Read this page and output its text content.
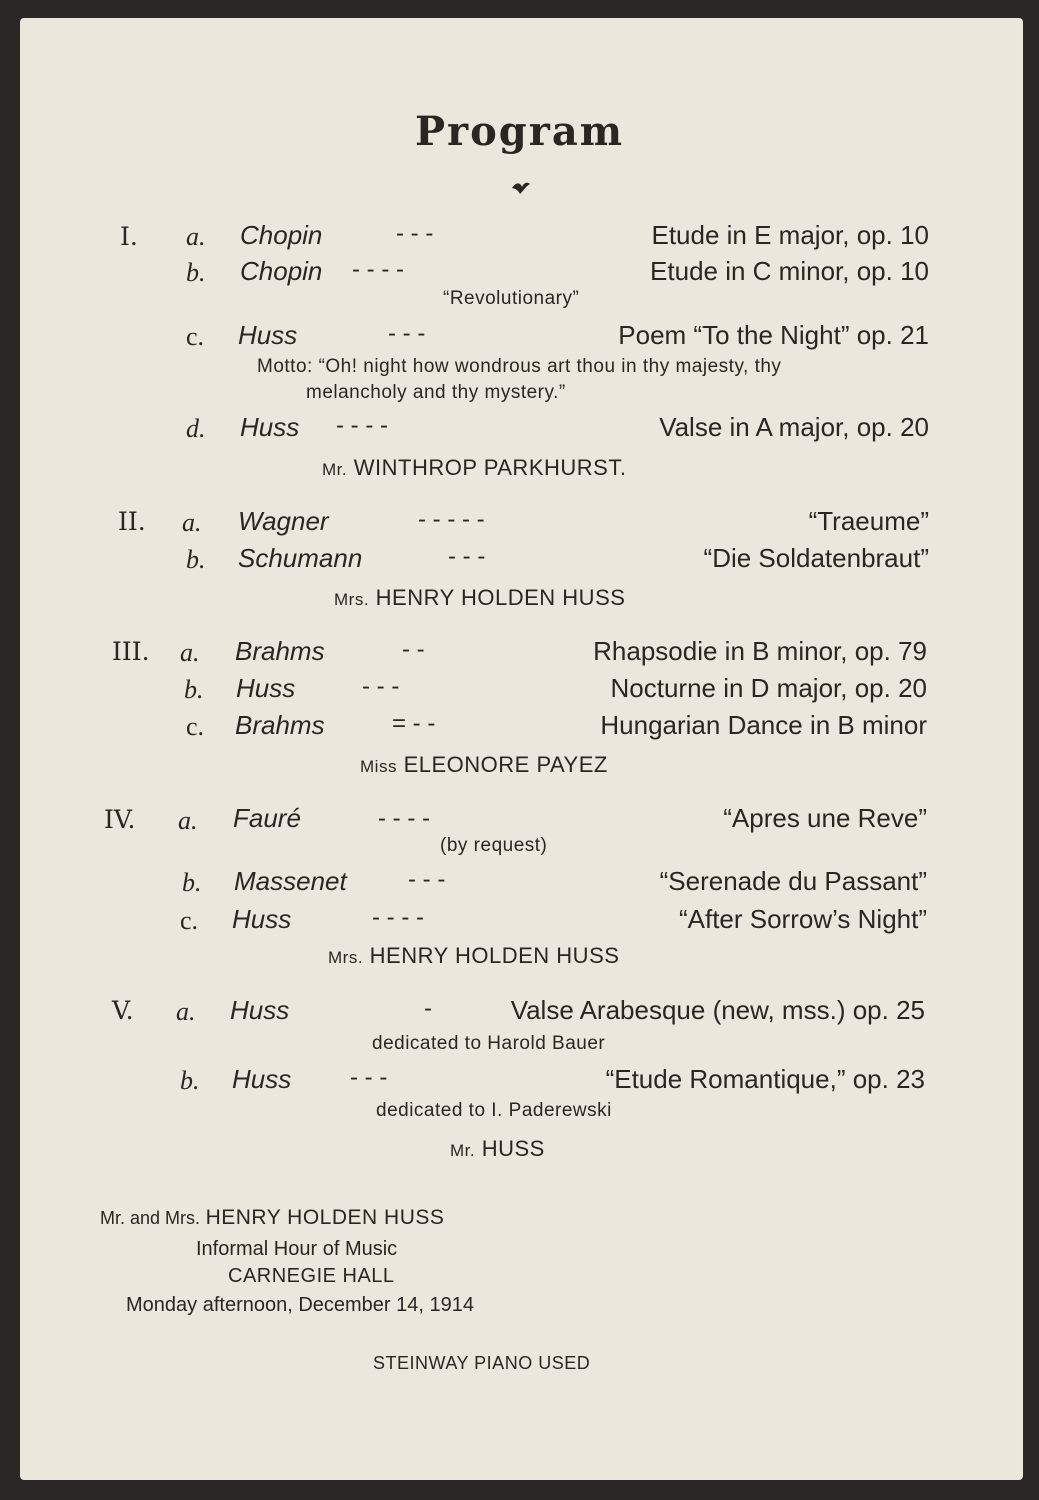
Program
I. a. Chopin	- - -	Etude in E major, op. 10
b. Chopin - - - -	Etude in C minor, op. 10
“Revolutionary”
c. Huss	- - -	Poem “To the Night” op. 21
Motto: “Oh! night how wondrous art thou in thy majesty, thy
melancholy and thy mystery.”
d. Huss - - - -	Valse in A major, op. 20
Mr. WINTHROP PARKHURST.
II. a. Wagner	- - - - -	“Traeume”
b. Schumann	- - -	“Die Soldatenbraut”
Mrs. HENRY HOLDEN HUSS
III. a. Brahms	- -	Rhapsodie in B minor, op. 79
b. Huss	- - -	Nocturne in D major, op. 20
c. Brahms	= - -	Hungarian Dance in B minor
Miss ELEONORE PAYEZ
IV. a. Fauré	- - - -	“Apres une Reve”
(by request)
b. Massenet	- - -	“Serenade du Passant”
c. Huss	- - - -	“After Sorrow’s Night”
Mrs. HENRY HOLDEN HUSS
V. a. Huss	-	Valse Arabesque (new, mss.) op. 25
dedicated to Harold Bauer
b. Huss - - -	“Etude Romantique,” op. 23
dedicated to I. Paderewski
Mr. HUSS
Mr. and Mrs. HENRY HOLDEN HUSS
Informal Hour of Music
CARNEGIE HALL
Monday afternoon, December 14, 1914
STEINWAY PIANO USED
